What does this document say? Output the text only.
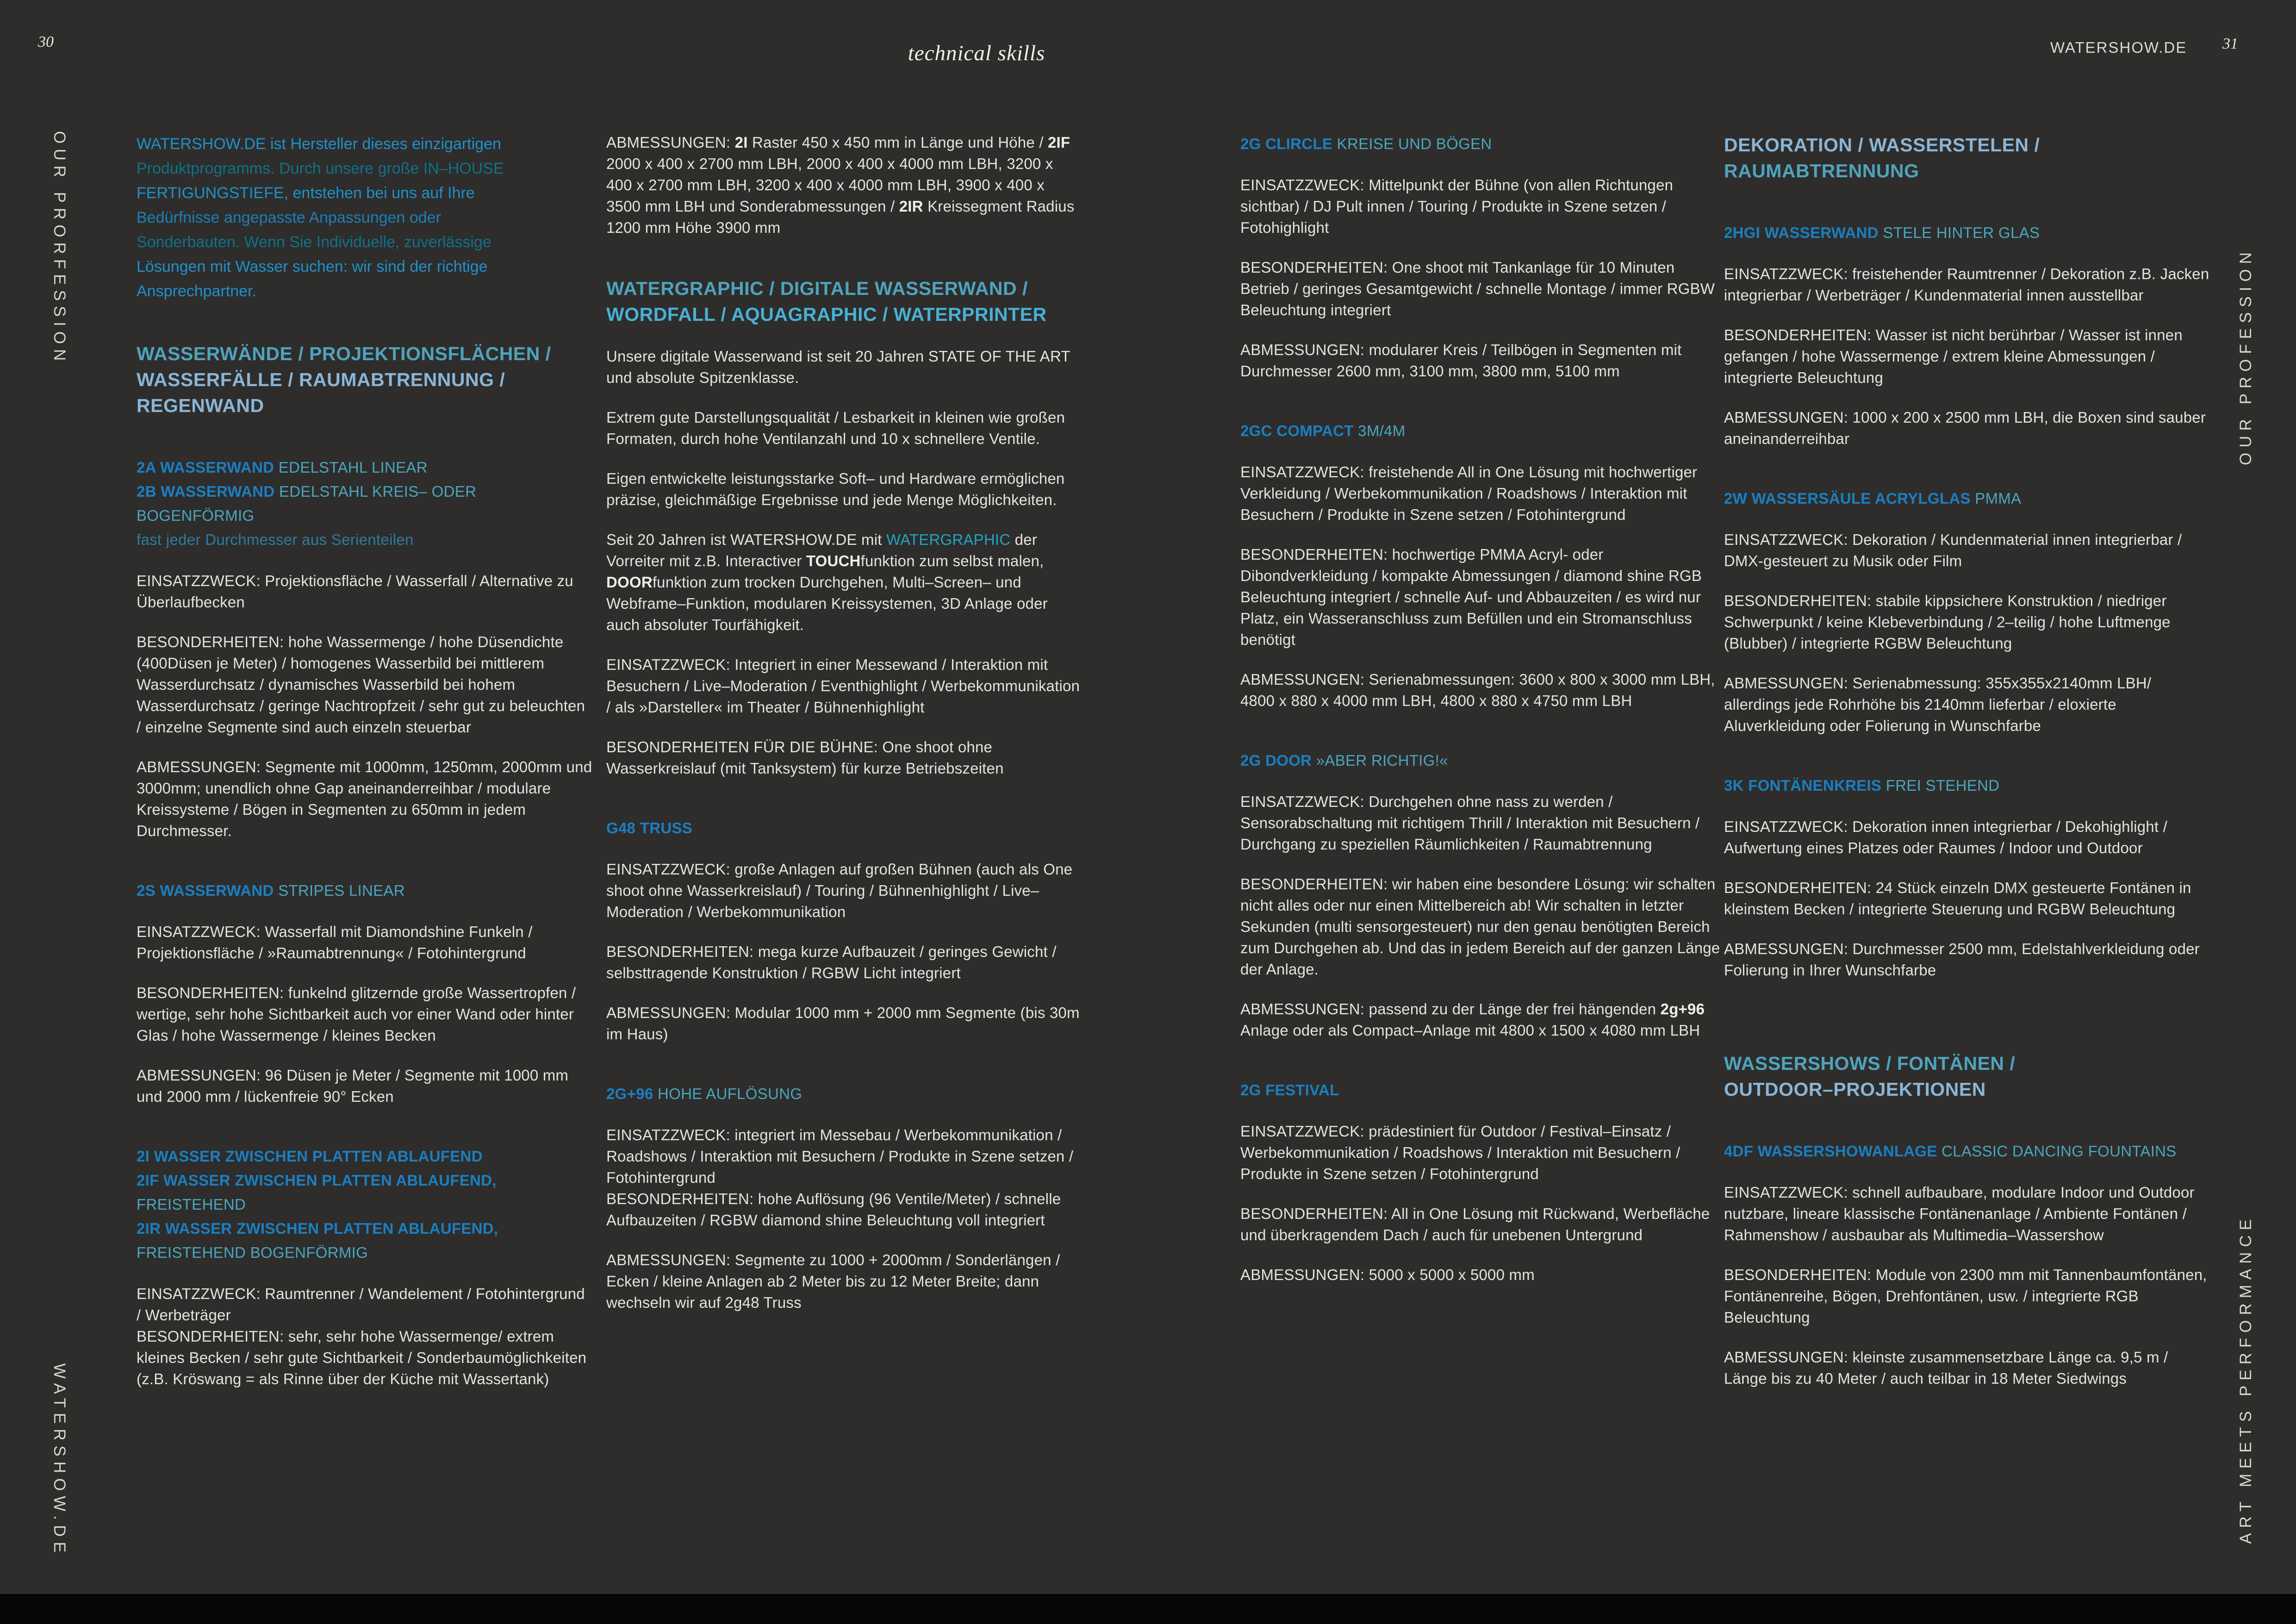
30	technical skills	WATERSHOW.DE 31
OUR PRORFESSION
WATERSHOW.DE
OUR PROFESSION
ART MEETS PERFORMANCE
WATERSHOW.DE ist Hersteller dieses einzigartigen
Produktprogramms. Durch unsere große IN–HOUSE
FERTIGUNGSTIEFE, entstehen bei uns auf Ihre
Bedürfnisse angepasste Anpassungen oder
Sonderbauten. Wenn Sie Individuelle, zuverlässige
Lösungen mit Wasser suchen: wir sind der richtige
Ansprechpartner.
WASSERWÄNDE / PROJEKTIONSFLÄCHEN /
WASSERFÄLLE / RAUMABTRENNUNG /
REGENWAND
2A WASSERWAND EDELSTAHL LINEAR
2B WASSERWAND EDELSTAHL KREIS– ODER
BOGENFÖRMIG
fast jeder Durchmesser aus Serienteilen

EINSATZZWECK: Projektionsfläche / Wasserfall / Alternative zu Überlaufbecken

BESONDERHEITEN: hohe Wassermenge / hohe Düsendichte (400Düsen je Meter) / homogenes Wasserbild bei mittlerem Wasserdurchsatz / dynamisches Wasserbild bei hohem Wasserdurchsatz / geringe Nachtropfzeit / sehr gut zu beleuchten / einzelne Segmente sind auch einzeln steuerbar

ABMESSUNGEN: Segmente mit 1000mm, 1250mm, 2000mm und 3000mm; unendlich ohne Gap aneinanderreihbar / modulare Kreissysteme / Bögen in Segmenten zu 650mm in jedem Durchmesser.

2S WASSERWAND STRIPES LINEAR

EINSATZZWECK: Wasserfall mit Diamondshine Funkeln / Projektionsfläche / »Raumabtrennung« / Fotohintergrund

BESONDERHEITEN: funkelnd glitzernde große Wassertropfen / wertige, sehr hohe Sichtbarkeit auch vor einer Wand oder hinter Glas / hohe Wassermenge / kleines Becken

ABMESSUNGEN: 96 Düsen je Meter / Segmente mit 1000 mm und 2000 mm / lückenfreie 90° Ecken

2I WASSER ZWISCHEN PLATTEN ABLAUFEND
2IF WASSER ZWISCHEN PLATTEN ABLAUFEND,
FREISTEHEND
2IR WASSER ZWISCHEN PLATTEN ABLAUFEND,
FREISTEHEND BOGENFÖRMIG

EINSATZZWECK: Raumtrenner / Wandelement / Fotohintergrund / Werbeträger

BESONDERHEITEN: sehr, sehr hohe Wassermenge/ extrem kleines Becken / sehr gute Sichtbarkeit / Sonderbaumöglichkeiten

(z.B. Kröswang = als Rinne über der Küche mit Wassertank)

ABMESSUNGEN: 2I Raster 450 x 450 mm in Länge und Höhe / 2IF 2000 x 400 x 2700 mm LBH, 2000 x 400 x 4000 mm LBH, 3200 x 400 x 2700 mm LBH, 3200 x 400 x 4000 mm LBH, 3900 x 400 x 3500 mm LBH und Sonderabmessungen / 2IR Kreissegment Radius 1200 mm Höhe 3900 mm

WATERGRAPHIC / DIGITALE WASSERWAND /
WORDFALL / AQUAGRAPHIC / WATERPRINTER

Unsere digitale Wasserwand ist seit 20 Jahren STATE OF THE ART und absolute Spitzenklasse.

Extrem gute Darstellungsqualität / Lesbarkeit in kleinen wie großen Formaten, durch hohe Ventilanzahl und 10 x schnellere Ventile.

Eigen entwickelte leistungsstarke Soft– und Hardware ermöglichen präzise, gleichmäßige Ergebnisse und jede Menge Möglichkeiten.

Seit 20 Jahren ist WATERSHOW.DE mit WATERGRAPHIC der Vorreiter mit z.B. Interactiver TOUCHfunktion zum selbst malen, DOORfunktion zum trocken Durchgehen, Multi–Screen– und Webframe–Funktion, modularen Kreissystemen, 3D Anlage oder auch absoluter Tourfähigkeit.

EINSATZZWECK: Integriert in einer Messewand / Interaktion mit Besuchern / Live–Moderation / Eventhighlight / Werbekommunikation / als »Darsteller« im Theater / Bühnenhighlight

BESONDERHEITEN FÜR DIE BÜHNE: One shoot ohne Wasserkreislauf (mit Tanksystem) für kurze Betriebszeiten

G48 TRUSS

EINSATZZWECK: große Anlagen auf großen Bühnen (auch als One shoot ohne Wasserkreislauf) / Touring / Bühnenhighlight / Live–Moderation / Werbekommunikation

BESONDERHEITEN: mega kurze Aufbauzeit / geringes Gewicht / selbsttragende Konstruktion / RGBW Licht integriert

ABMESSUNGEN: Modular 1000 mm + 2000 mm Segmente (bis 30m im Haus)

2G+96 HOHE AUFLÖSUNG

EINSATZZWECK: integriert im Messebau / Werbekommunikation / Roadshows / Interaktion mit Besuchern / Produkte in Szene setzen / Fotohintergrund

BESONDERHEITEN: hohe Auflösung (96 Ventile/Meter) / schnelle Aufbauzeiten / RGBW diamond shine Beleuchtung voll integriert

ABMESSUNGEN: Segmente zu 1000 + 2000mm / Sonderlängen / Ecken / kleine Anlagen ab 2 Meter bis zu 12 Meter Breite; dann wechseln wir auf 2g48 Truss

2G CLIRCLE KREISE UND BÖGEN

EINSATZZWECK: Mittelpunkt der Bühne (von allen Richtungen sichtbar) / DJ Pult innen / Touring / Produkte in Szene setzen / Fotohighlight

BESONDERHEITEN: One shoot mit Tankanlage für 10 Minuten Betrieb / geringes Gesamtgewicht / schnelle Montage / immer RGBW Beleuchtung integriert

ABMESSUNGEN: modularer Kreis / Teilbögen in Segmenten mit Durchmesser 2600 mm, 3100 mm, 3800 mm, 5100 mm

2GC COMPACT 3M/4M

EINSATZZWECK: freistehende All in One Lösung mit hochwertiger Verkleidung / Werbekommunikation / Roadshows / Interaktion mit Besuchern / Produkte in Szene setzen / Fotohintergrund

BESONDERHEITEN: hochwertige PMMA Acryl- oder Dibondverkleidung / kompakte Abmessungen / diamond shine RGB Beleuchtung integriert / schnelle Auf- und Abbauzeiten / es wird nur Platz, ein Wasseranschluss zum Befüllen und ein Stromanschluss benötigt

ABMESSUNGEN: Serienabmessungen: 3600 x 800 x 3000 mm LBH, 4800 x 880 x 4000 mm LBH, 4800 x 880 x 4750 mm LBH

2G DOOR »ABER RICHTIG!«

EINSATZZWECK: Durchgehen ohne nass zu werden / Sensorabschaltung mit richtigem Thrill / Interaktion mit Besuchern / Durchgang zu speziellen Räumlichkeiten / Raumabtrennung

BESONDERHEITEN: wir haben eine besondere Lösung: wir schalten nicht alles oder nur einen Mittelbereich ab! Wir schalten in letzter Sekunden (multi sensorgesteuert) nur den genau benötigten Bereich zum Durchgehen ab. Und das in jedem Bereich auf der ganzen Länge der Anlage.

ABMESSUNGEN: passend zu der Länge der frei hängenden 2g+96 Anlage oder als Compact–Anlage mit 4800 x 1500 x 4080 mm LBH

2G FESTIVAL

EINSATZZWECK: prädestiniert für Outdoor / Festival–Einsatz / Werbekommunikation / Roadshows / Interaktion mit Besuchern / Produkte in Szene setzen / Fotohintergrund

BESONDERHEITEN: All in One Lösung mit Rückwand, Werbefläche und überkragendem Dach / auch für unebenen Untergrund

ABMESSUNGEN: 5000 x 5000 x 5000 mm

DEKORATION / WASSERSTELEN /
RAUMABTRENNUNG
2HGI WASSERWAND STELE HINTER GLAS

EINSATZZWECK: freistehender Raumtrenner / Dekoration z.B. Jacken integrierbar / Werbeträger / Kundenmaterial innen ausstellbar

BESONDERHEITEN: Wasser ist nicht berührbar / Wasser ist innen gefangen / hohe Wassermenge / extrem kleine Abmessungen / integrierte Beleuchtung

ABMESSUNGEN: 1000 x 200 x 2500 mm LBH, die Boxen sind sauber aneinanderreihbar

2W WASSERSÄULE ACRYLGLAS PMMA

EINSATZZWECK: Dekoration / Kundenmaterial innen integrierbar / DMX-gesteuert zu Musik oder Film

BESONDERHEITEN: stabile kippsichere Konstruktion / niedriger Schwerpunkt / keine Klebeverbindung / 2–teilig / hohe Luftmenge (Blubber) / integrierte RGBW Beleuchtung

ABMESSUNGEN: Serienabmessung: 355x355x2140mm LBH/ allerdings jede Rohrhöhe bis 2140mm lieferbar / eloxierte Aluverkleidung oder Folierung in Wunschfarbe

3K FONTÄNENKREIS FREI STEHEND

EINSATZZWECK: Dekoration innen integrierbar / Dekohighlight / Aufwertung eines Platzes oder Raumes / Indoor und Outdoor

BESONDERHEITEN: 24 Stück einzeln DMX gesteuerte Fontänen in kleinstem Becken / integrierte Steuerung und RGBW Beleuchtung

ABMESSUNGEN: Durchmesser 2500 mm, Edelstahlverkleidung oder Folierung in Ihrer Wunschfarbe

WASSERSHOWS / FONTÄNEN /
OUTDOOR–PROJEKTIONEN
4DF WASSERSHOWANLAGE CLASSIC DANCING FOUNTAINS

EINSATZZWECK: schnell aufbaubare, modulare Indoor und Outdoor nutzbare, lineare klassische Fontänenanlage / Ambiente Fontänen / Rahmenshow / ausbaubar als Multimedia–Wassershow

BESONDERHEITEN: Module von 2300 mm mit Tannenbaumfontänen, Fontänenreihe, Bögen, Drehfontänen, usw. / integrierte RGB Beleuchtung

ABMESSUNGEN: kleinste zusammensetzbare Länge ca. 9,5 m / Länge bis zu 40 Meter / auch teilbar in 18 Meter Siedwings
